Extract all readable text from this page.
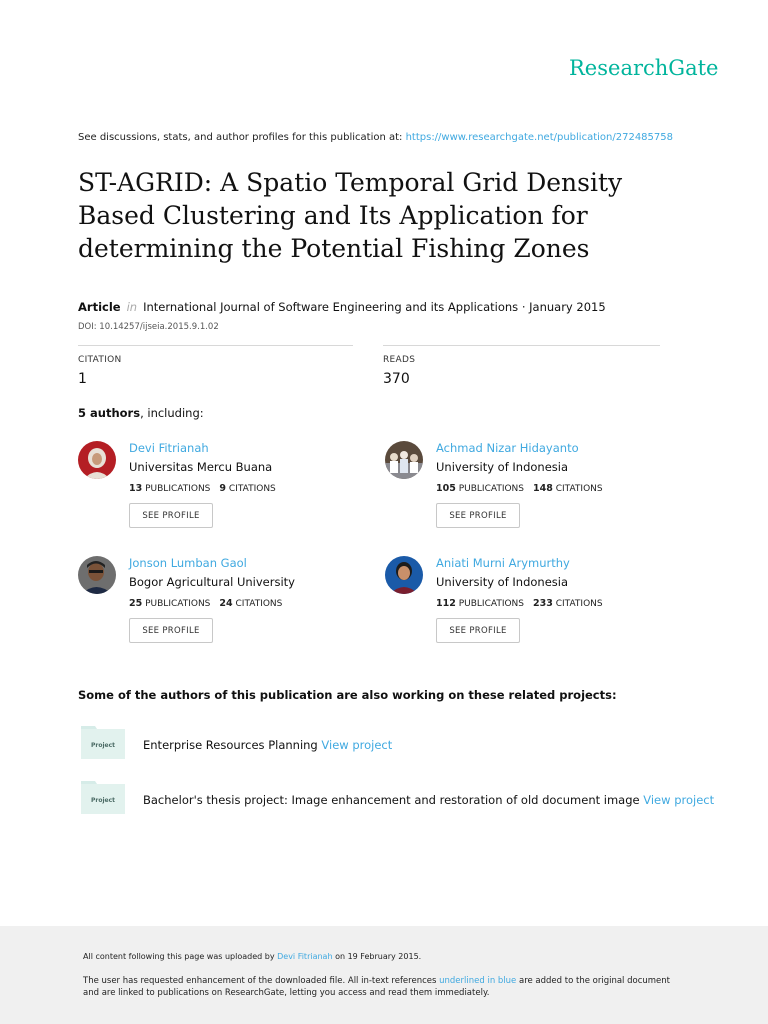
ResearchGate
See discussions, stats, and author profiles for this publication at: https://www.researchgate.net/publication/272485758
ST-AGRID: A Spatio Temporal Grid Density
Based Clustering and Its Application for
determining the Potential Fishing Zones
Article in International Journal of Software Engineering and its Applications · January 2015
DOI: 10.14257/ijseia.2015.9.1.02
CITATION
1
READS
370
5 authors, including:
Devi Fitrianah
Universitas Mercu Buana
13 PUBLICATIONS 9 CITATIONS
SEE PROFILE
Achmad Nizar Hidayanto
University of Indonesia
105 PUBLICATIONS 148 CITATIONS
SEE PROFILE
Jonson Lumban Gaol
Bogor Agricultural University
25 PUBLICATIONS 24 CITATIONS
SEE PROFILE
Aniati Murni Arymurthy
University of Indonesia
112 PUBLICATIONS 233 CITATIONS
SEE PROFILE
Some of the authors of this publication are also working on these related projects:
Project Enterprise Resources Planning View project
Project Bachelor's thesis project: Image enhancement and restoration of old document image View project
All content following this page was uploaded by Devi Fitrianah on 19 February 2015.
The user has requested enhancement of the downloaded file. All in-text references underlined in blue are added to the original document
and are linked to publications on ResearchGate, letting you access and read them immediately.
